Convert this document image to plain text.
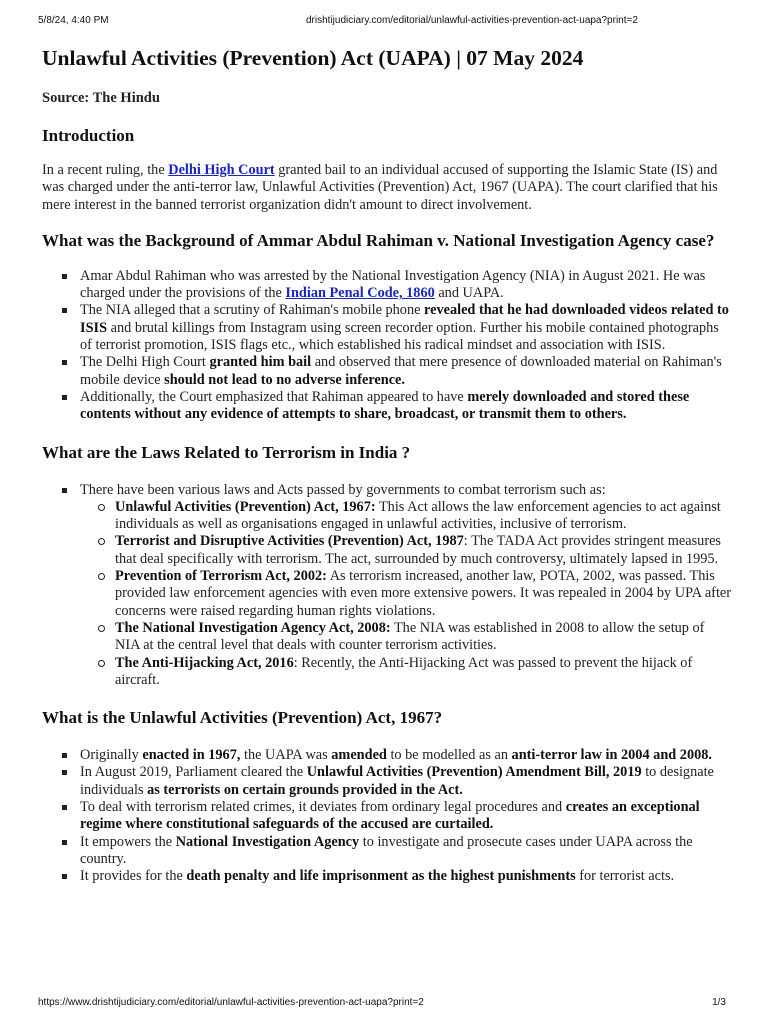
5/8/24, 4:40 PM	drishtijudiciary.com/editorial/unlawful-activities-prevention-act-uapa?print=2
Unlawful Activities (Prevention) Act (UAPA) | 07 May 2024
Source: The Hindu
Introduction

In a recent ruling, the Delhi High Court granted bail to an individual accused of supporting the Islamic State (IS) and was charged under the anti-terror law, Unlawful Activities (Prevention) Act, 1967 (UAPA). The court clarified that his mere interest in the banned terrorist organization didn't amount to direct involvement.

What was the Background of Ammar Abdul Rahiman v. National Investigation Agency case?
Amar Abdul Rahiman who was arrested by the National Investigation Agency (NIA) in August 2021. He was charged under the provisions of the Indian Penal Code, 1860 and UAPA.
The NIA alleged that a scrutiny of Rahiman's mobile phone revealed that he had downloaded videos related to ISIS and brutal killings from Instagram using screen recorder option. Further his mobile contained photographs of terrorist promotion, ISIS flags etc., which established his radical mindset and association with ISIS.
The Delhi High Court granted him bail and observed that mere presence of downloaded material on Rahiman's mobile device should not lead to no adverse inference.
Additionally, the Court emphasized that Rahiman appeared to have merely downloaded and stored these contents without any evidence of attempts to share, broadcast, or transmit them to others.
What are the Laws Related to Terrorism in India ?
There have been various laws and Acts passed by governments to combat terrorism such as:
Unlawful Activities (Prevention) Act, 1967: This Act allows the law enforcement agencies to act against individuals as well as organisations engaged in unlawful activities, inclusive of terrorism.
Terrorist and Disruptive Activities (Prevention) Act, 1987: The TADA Act provides stringent measures that deal specifically with terrorism. The act, surrounded by much controversy, ultimately lapsed in 1995.
Prevention of Terrorism Act, 2002: As terrorism increased, another law, POTA, 2002, was passed. This provided law enforcement agencies with even more extensive powers. It was repealed in 2004 by UPA after concerns were raised regarding human rights violations.
The National Investigation Agency Act, 2008: The NIA was established in 2008 to allow the setup of NIA at the central level that deals with counter terrorism activities.
The Anti-Hijacking Act, 2016: Recently, the Anti-Hijacking Act was passed to prevent the hijack of aircraft.
What is the Unlawful Activities (Prevention) Act, 1967?
Originally enacted in 1967, the UAPA was amended to be modelled as an anti-terror law in 2004 and 2008.
In August 2019, Parliament cleared the Unlawful Activities (Prevention) Amendment Bill, 2019 to designate individuals as terrorists on certain grounds provided in the Act.
To deal with terrorism related crimes, it deviates from ordinary legal procedures and creates an exceptional regime where constitutional safeguards of the accused are curtailed.
It empowers the National Investigation Agency to investigate and prosecute cases under UAPA across the country.
It provides for the death penalty and life imprisonment as the highest punishments for terrorist acts.
https://www.drishtijudiciary.com/editorial/unlawful-activities-prevention-act-uapa?print=2	1/3
